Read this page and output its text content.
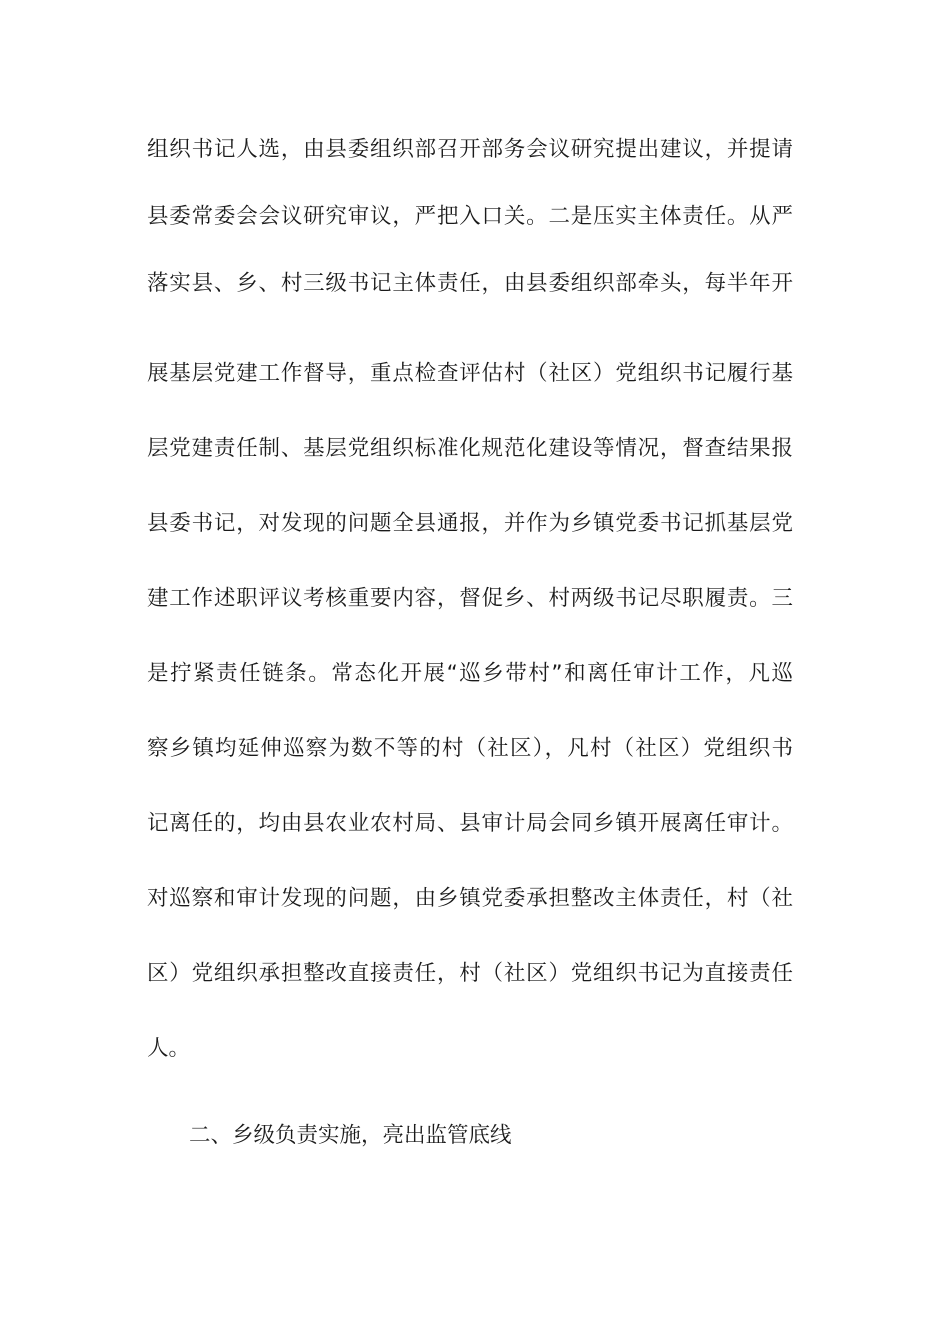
组织书记人选，由县委组织部召开部务会议研究提出建议，并提请
县委常委会会议研究审议，严把入口关。二是压实主体责任。从严
落实县、乡、村三级书记主体责任，由县委组织部牵头，每半年开
展基层党建工作督导，重点检查评估村（社区）党组织书记履行基
层党建责任制、基层党组织标准化规范化建设等情况，督查结果报
县委书记，对发现的问题全县通报，并作为乡镇党委书记抓基层党
建工作述职评议考核重要内容，督促乡、村两级书记尽职履责。三
是拧紧责任链条。常态化开展“巡乡带村”和离任审计工作，凡巡
察乡镇均延伸巡察为数不等的村（社区），凡村（社区）党组织书
记离任的，均由县农业农村局、县审计局会同乡镇开展离任审计。
对巡察和审计发现的问题，由乡镇党委承担整改主体责任，村（社
区）党组织承担整改直接责任，村（社区）党组织书记为直接责任
人。
二、乡级负责实施，亮出监管底线
